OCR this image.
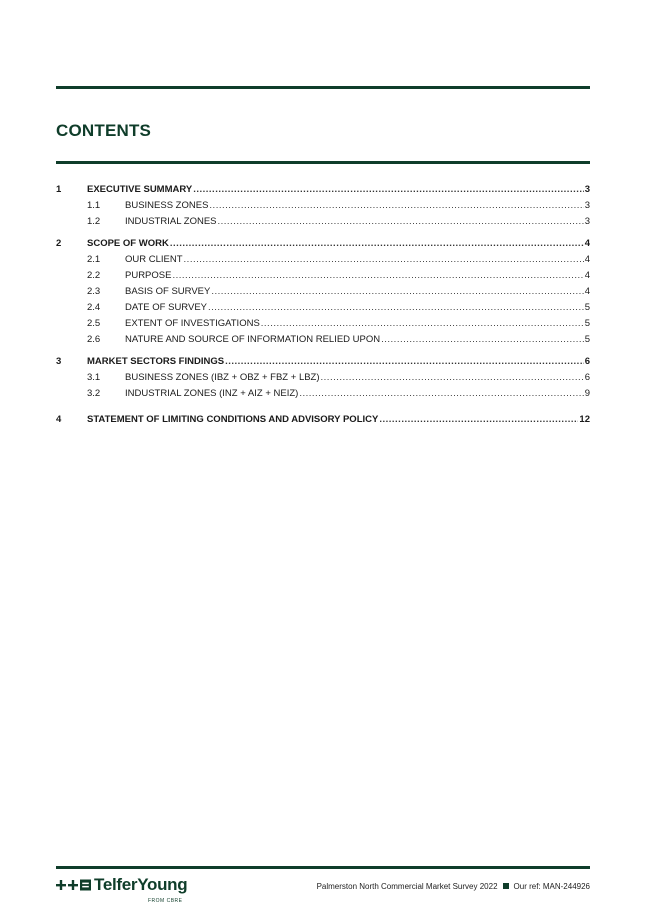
CONTENTS
1	EXECUTIVE SUMMARY .....	3
1.1	BUSINESS ZONES .....	3
1.2	INDUSTRIAL ZONES .....	3
2	SCOPE OF WORK .....	4
2.1	OUR CLIENT .....	4
2.2	PURPOSE .....	4
2.3	BASIS OF SURVEY .....	4
2.4	DATE OF SURVEY .....	5
2.5	EXTENT OF INVESTIGATIONS .....	5
2.6	NATURE AND SOURCE OF INFORMATION RELIED UPON .....	5
3	MARKET SECTORS FINDINGS .....	6
3.1	BUSINESS ZONES (IBZ + OBZ + FBZ + LBZ) .....	6
3.2	INDUSTRIAL ZONES (INZ + AIZ + NEIZ) .....	9
4	STATEMENT OF LIMITING CONDITIONS AND ADVISORY POLICY .....	12
TelferYoung
FROM CBRE
Palmerston North Commercial Market Survey 2022 Our ref: MAN-244926
